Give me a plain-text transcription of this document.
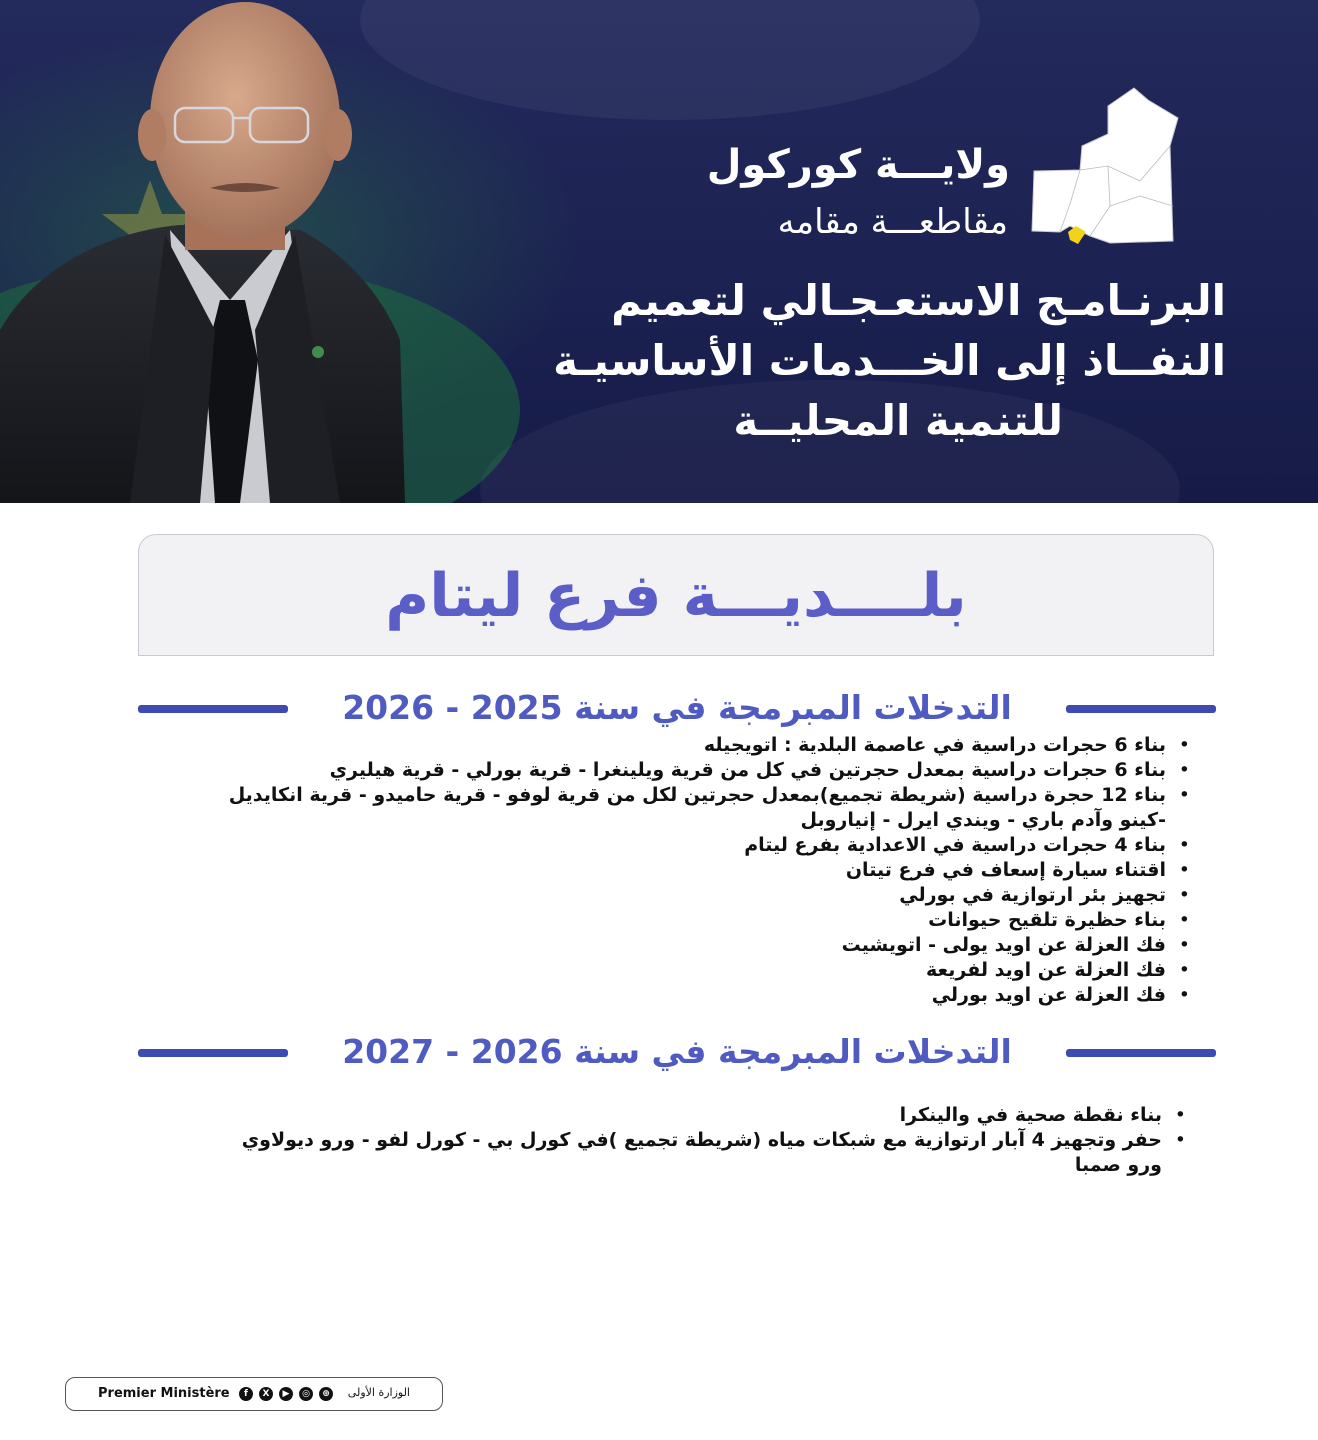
ولايـــة كوركول
مقاطعـــة مقامه
البرنـامـج الاستعـجـالي لتعميم
النفــاذ إلى الخـــدمات الأساسيـة
للتنمية المحليــة
بلــــديـــة فرع ليتام
التدخلات المبرمجة في سنة 2025 - 2026
• بناء 6 حجرات دراسية في عاصمة البلدية : اتويجيله
• بناء 6 حجرات دراسية بمعدل حجرتين في كل من قرية ويلينغرا - قرية بورلي - قرية هيليري
• بناء 12 حجرة دراسية (شريطة تجميع)بمعدل حجرتين لكل من قرية لوفو - قرية حاميدو - قرية انكايديل -كينو وآدم باري - ويندي ايرل - إنياروبل
• بناء 4 حجرات دراسية في الاعدادية بفرع ليتام
• اقتناء سيارة إسعاف في فرع تيتان
• تجهيز بئر ارتوازية في بورلي
• بناء حظيرة تلقيح حيوانات
• فك العزلة عن اويد يولى - اتويشيت
• فك العزلة عن اويد لفريعة
• فك العزلة عن اويد بورلي
التدخلات المبرمجة في سنة 2026 - 2027
• بناء نقطة صحية في والينكرا
• حفر وتجهيز 4 آبار ارتوازية مع شبكات مياه (شريطة تجميع )في كورل بي - كورل لفو - ورو ديولاوي ورو صمبا
Premier Ministère	f	X	▶	◎	⊕ الوزارة الأولى
